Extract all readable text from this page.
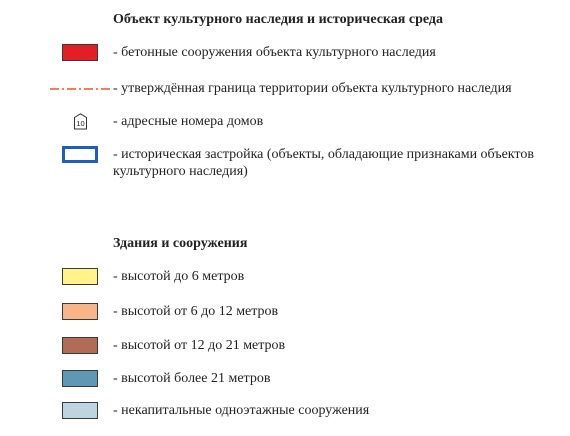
Объект культурного наследия и историческая среда
- бетонные сооружения объекта культурного наследия
- утверждённая граница территории объекта культурного наследия
10 - адресные номера домов
- историческая застройка (объекты, обладающие признаками объектов культурного наследия)
Здания и сооружения
- высотой до 6 метров
- высотой от 6 до 12 метров
- высотой от 12 до 21 метров
- высотой более 21 метров
- некапитальные одноэтажные сооружения
